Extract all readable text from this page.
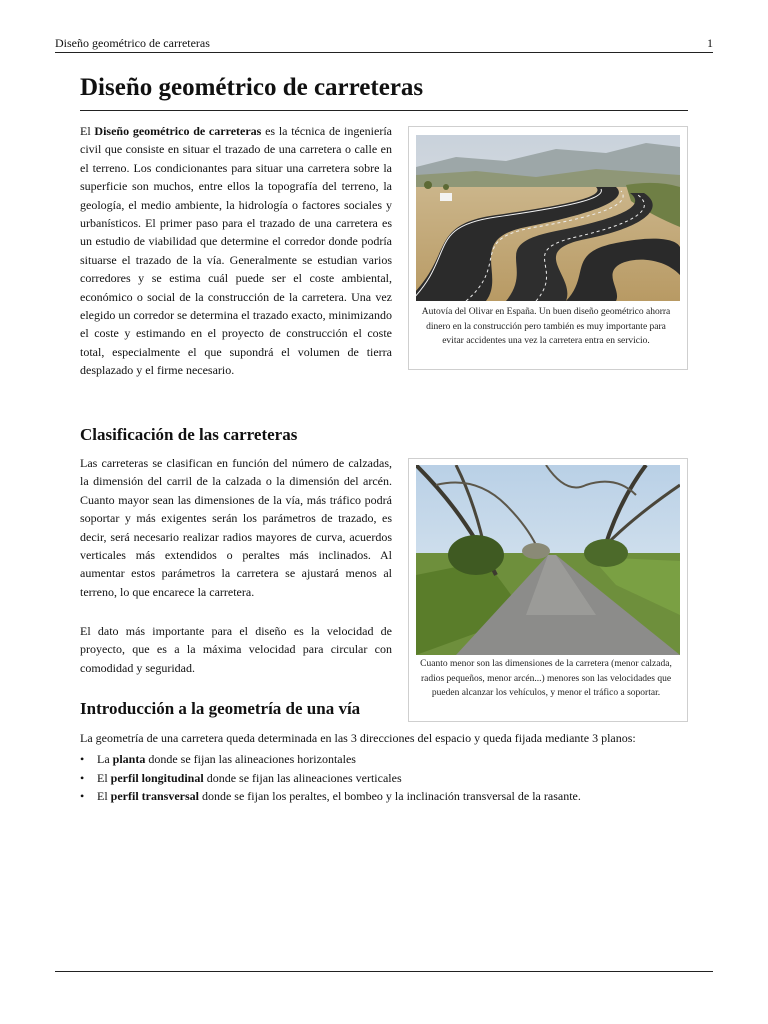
Diseño geométrico de carreteras	1
Diseño geométrico de carreteras

El Diseño geométrico de carreteras es la técnica de ingeniería civil que consiste en situar el trazado de una carretera o calle en el terreno. Los condicionantes para situar una carretera sobre la superficie son muchos, entre ellos la topografía del terreno, la geología, el medio ambiente, la hidrología o factores sociales y urbanísticos. El primer paso para el trazado de una carretera es un estudio de viabilidad que determine el corredor donde podría situarse el trazado de la vía. Generalmente se estudian varios corredores y se estima cuál puede ser el coste ambiental, económico o social de la construcción de la carretera. Una vez elegido un corredor se determina el trazado exacto, minimizando el coste y estimando en el proyecto de construcción el coste total, especialmente el que supondrá el volumen de tierra desplazado y el firme necesario.

Autovía del Olivar en España. Un buen diseño geométrico ahorra dinero en la construcción pero también es muy importante para evitar accidentes una vez la carretera entra en servicio.
Clasificación de las carreteras

Las carreteras se clasifican en función del número de calzadas, la dimensión del carril de la calzada o la dimensión del arcén. Cuanto mayor sean las dimensiones de la vía, más tráfico podrá soportar y más exigentes serán los parámetros de trazado, es decir, será necesario realizar radios mayores de curva, acuerdos verticales más extendidos o peraltes más inclinados. Al aumentar estos parámetros la carretera se ajustará menos al terreno, lo que encarece la carretera.

El dato más importante para el diseño es la velocidad de proyecto, que es a la máxima velocidad para circular con comodidad y seguridad.	Cuanto menor son las dimensiones de la carretera (menor calzada, radios pequeños, menor arcén...) menores son las velocidades que pueden alcanzar los vehículos, y menor el tráfico a soportar.
Introducción a la geometría de una vía

La geometría de una carretera queda determinada en las 3 direcciones del espacio y queda fijada mediante 3 planos:

• La planta donde se fijan las alineaciones horizontales
• El perfil longitudinal donde se fijan las alineaciones verticales
• El perfil transversal donde se fijan los peraltes, el bombeo y la inclinación transversal de la rasante.
